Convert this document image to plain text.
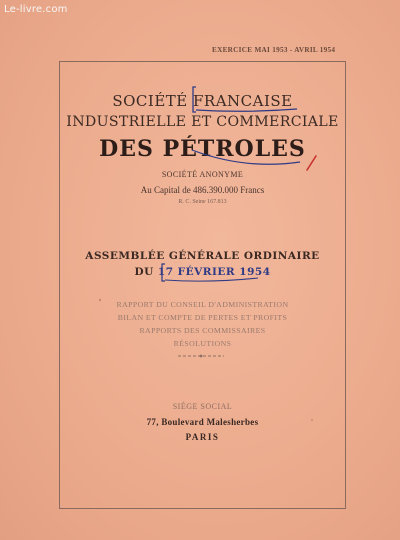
Le-livre.com
EXERCICE MAI 1953 - AVRIL 1954
SOCIÉTÉ FRANCAISE
INDUSTRIELLE ET COMMERCIALE
DES PÉTROLES
SOCIÉTÉ ANONYME
Au Capital de 486.390.000 Francs
R. C. Seine 167.813
ASSEMBLÉE GÉNÉRALE ORDINAIRE
DU 17 FÉVRIER 1954
RAPPORT DU CONSEIL D'ADMINISTRATION
BILAN ET COMPTE DE PERTES ET PROFITS
RAPPORTS DES COMMISSAIRES
RÉSOLUTIONS
SIÈGE SOCIAL
77, Boulevard Malesherbes
PARIS
